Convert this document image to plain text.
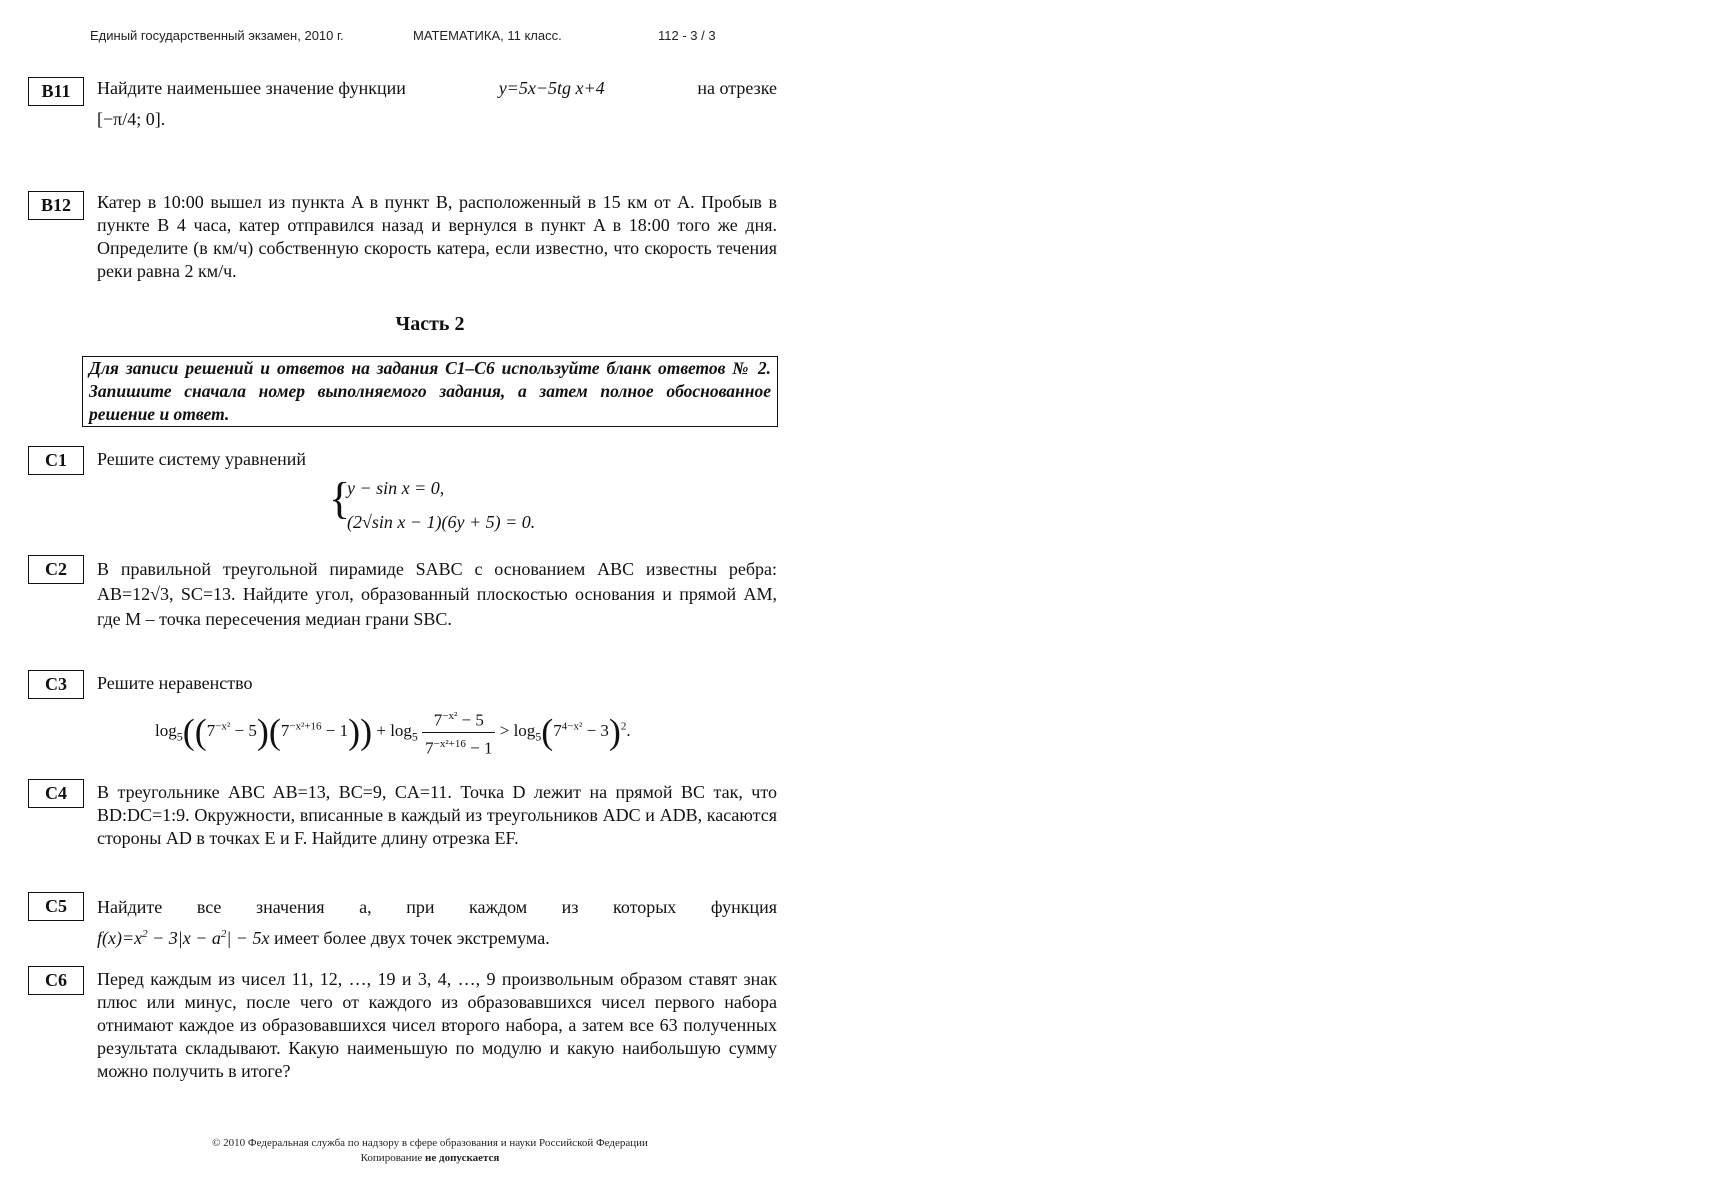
Единый государственный экзамен, 2010 г.	МАТЕМАТИКА, 11 класс.	112 - 3 / 3
B11	Найдите наименьшее значение функции	y=5x−5tg x+4	на отрезке
[−π/4; 0].
B12	Катер в 10:00 вышел из пункта A в пункт B, расположенный в 15 км от A. Пробыв в пункте B 4 часа, катер отправился назад и вернулся в пункт A в 18:00 того же дня. Определите (в км/ч) собственную скорость катера, если известно, что скорость течения реки равна 2 км/ч.
Часть 2
Для записи решений и ответов на задания C1–C6 используйте бланк ответов № 2. Запишите сначала номер выполняемого задания, а затем полное обоснованное решение и ответ.
C1	Решите систему уравнений
{
y − sin x = 0,
(2√sin x − 1)(6y + 5) = 0.
C2	В правильной треугольной пирамиде SABC с основанием ABC известны ребра: AB=12√3, SC=13. Найдите угол, образованный плоскостью основания и прямой AM, где M – точка пересечения медиан грани SBC.
C3	Решите неравенство
$\log_5((7^{-x^2} - 5)(7^{-x^2+16} - 1)) + \log_5 \frac{7^{-x^2} - 5}{7^{-x^2+16} - 1} > \log_5(7^{4-x^2} - 3)^2$.
C4	В треугольнике ABC AB=13, BC=9, CA=11. Точка D лежит на прямой BC так, что BD:DC=1:9. Окружности, вписанные в каждый из треугольников ADC и ADB, касаются стороны AD в точках E и F. Найдите длину отрезка EF.
C5	Найдите все значения a, при каждом из которых функция
$f(x)=x^2 - 3|x - a^2| - 5x$ имеет более двух точек экстремума.
C6	Перед каждым из чисел 11, 12, …, 19 и 3, 4, …, 9 произвольным образом ставят знак плюс или минус, после чего от каждого из образовавшихся чисел первого набора отнимают каждое из образовавшихся чисел второго набора, а затем все 63 полученных результата складывают. Какую наименьшую по модулю и какую наибольшую сумму можно получить в итоге?
© 2010 Федеральная служба по надзору в сфере образования и науки Российской Федерации
Копирование не допускается
